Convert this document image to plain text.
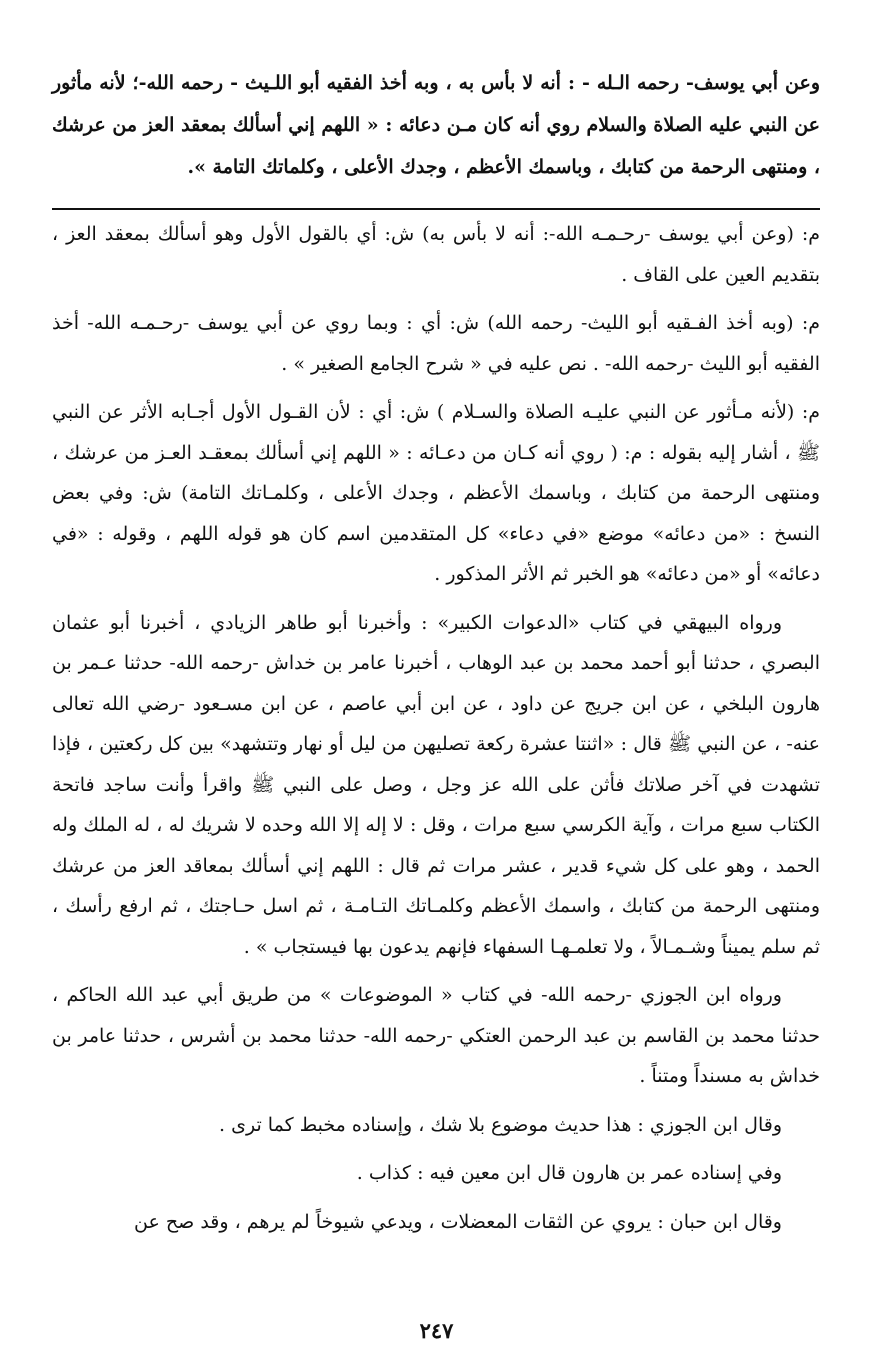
وعن أبي يوسف- رحمه الـله - : أنه لا بأس به ، وبه أخذ الفقيه أبو اللـيث - رحمه الله-؛ لأنه مأثور عن النبي عليه الصلاة والسلام روي أنه كان مـن دعائه : « اللهم إني أسألك بمعقد العز من عرشك ، ومنتهى الرحمة من كتابك ، وباسمك الأعظم ، وجدك الأعلى ، وكلماتك التامة ».

م: (وعن أبي يوسف -رحـمـه الله-: أنه لا بأس به) ش: أي بالقول الأول وهو أسألك بمعقد العز ، بتقديم العين على القاف .

م: (وبه أخذ الفـقيه أبو الليث- رحمه الله) ش: أي : وبما روي عن أبي يوسف -رحـمـه الله- أخذ الفقيه أبو الليث -رحمه الله- . نص عليه في « شرح الجامع الصغير » .

م: (لأنه مـأثور عن النبي عليـه الصلاة والسـلام ) ش: أي : لأن القـول الأول أجـابه الأثر عن النبي ﷺ ، أشار إليه بقوله : م: ( روي أنه كـان من دعـائه : « اللهم إني أسألك بمعقـد العـز من عرشك ، ومنتهى الرحمة من كتابك ، وباسمك الأعظم ، وجدك الأعلى ، وكلمـاتك التامة) ش: وفي بعض النسخ : «من دعائه» موضع «في دعاء» كل المتقدمين اسم كان هو قوله اللهم ، وقوله : «في دعائه» أو «من دعائه» هو الخبر ثم الأثر المذكور .

ورواه البيهقي في كتاب «الدعوات الكبير» : وأخبرنا أبو طاهر الزيادي ، أخبرنا أبو عثمان البصري ، حدثنا أبو أحمد محمد بن عبد الوهاب ، أخبرنا عامر بن خداش -رحمه الله- حدثنا عـمر بن هارون البلخي ، عن ابن جريج عن داود ، عن ابن أبي عاصم ، عن ابن مسـعود -رضي الله تعالى عنه- ، عن النبي ﷺ قال : «اثنتا عشرة ركعة تصليهن من ليل أو نهار وتتشهد» بين كل ركعتين ، فإذا تشهدت في آخر صلاتك فأثن على الله عز وجل ، وصل على النبي ﷺ واقرأ وأنت ساجد فاتحة الكتاب سبع مرات ، وآية الكرسي سبع مرات ، وقل : لا إله إلا الله وحده لا شريك له ، له الملك وله الحمد ، وهو على كل شيء قدير ، عشر مرات ثم قال : اللهم إني أسألك بمعاقد العز من عرشك ومنتهى الرحمة من كتابك ، واسمك الأعظم وكلمـاتك التـامـة ، ثم اسل حـاجتك ، ثم ارفع رأسك ، ثم سلم يميناً وشـمـالاً ، ولا تعلمـهـا السفهاء فإنهم يدعون بها فيستجاب » .

ورواه ابن الجوزي -رحمه الله- في كتاب « الموضوعات » من طريق أبي عبد الله الحاكم ، حدثنا محمد بن القاسم بن عبد الرحمن العتكي -رحمه الله- حدثنا محمد بن أشرس ، حدثنا عامر بن خداش به مسنداً ومتناً .

وقال ابن الجوزي : هذا حديث موضوع بلا شك ، وإسناده مخبط كما ترى .

وفي إسناده عمر بن هارون قال ابن معين فيه : كذاب .

وقال ابن حبان : يروي عن الثقات المعضلات ، ويدعي شيوخاً لم يرهم ، وقد صح عن

٢٤٧
